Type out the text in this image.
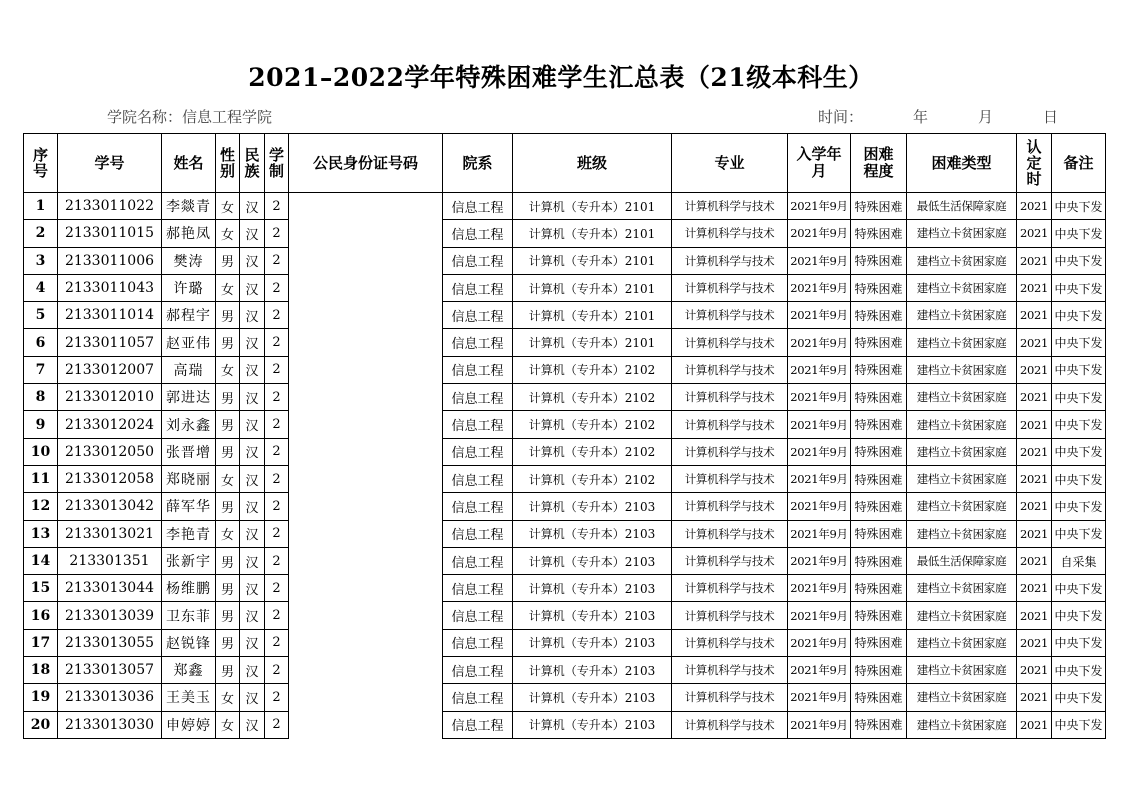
2021–2022学年特殊困难学生汇总表（21级本科生）
学院名称：信息工程学院	时间：	年	月	日
序号	学号	姓名	性别	民族	学制	公民身份证号码	院系	班级	专业	入学年月	困难程度	困难类型	认定时	备注
1	2133011022	李燚青	女	汉	2		信息工程	计算机（专升本）2101	计算机科学与技术	2021年9月	特殊困难	最低生活保障家庭	2021	中央下发
2	2133011015	郝艳凤	女	汉	2		信息工程	计算机（专升本）2101	计算机科学与技术	2021年9月	特殊困难	建档立卡贫困家庭	2021	中央下发
3	2133011006	樊涛	男	汉	2		信息工程	计算机（专升本）2101	计算机科学与技术	2021年9月	特殊困难	建档立卡贫困家庭	2021	中央下发
4	2133011043	许璐	女	汉	2		信息工程	计算机（专升本）2101	计算机科学与技术	2021年9月	特殊困难	建档立卡贫困家庭	2021	中央下发
5	2133011014	郝程宇	男	汉	2		信息工程	计算机（专升本）2101	计算机科学与技术	2021年9月	特殊困难	建档立卡贫困家庭	2021	中央下发
6	2133011057	赵亚伟	男	汉	2		信息工程	计算机（专升本）2101	计算机科学与技术	2021年9月	特殊困难	建档立卡贫困家庭	2021	中央下发
7	2133012007	高瑞	女	汉	2		信息工程	计算机（专升本）2102	计算机科学与技术	2021年9月	特殊困难	建档立卡贫困家庭	2021	中央下发
8	2133012010	郭进达	男	汉	2		信息工程	计算机（专升本）2102	计算机科学与技术	2021年9月	特殊困难	建档立卡贫困家庭	2021	中央下发
9	2133012024	刘永鑫	男	汉	2		信息工程	计算机（专升本）2102	计算机科学与技术	2021年9月	特殊困难	建档立卡贫困家庭	2021	中央下发
10	2133012050	张晋增	男	汉	2		信息工程	计算机（专升本）2102	计算机科学与技术	2021年9月	特殊困难	建档立卡贫困家庭	2021	中央下发
11	2133012058	郑晓丽	女	汉	2		信息工程	计算机（专升本）2102	计算机科学与技术	2021年9月	特殊困难	建档立卡贫困家庭	2021	中央下发
12	2133013042	薛军华	男	汉	2		信息工程	计算机（专升本）2103	计算机科学与技术	2021年9月	特殊困难	建档立卡贫困家庭	2021	中央下发
13	2133013021	李艳青	女	汉	2		信息工程	计算机（专升本）2103	计算机科学与技术	2021年9月	特殊困难	建档立卡贫困家庭	2021	中央下发
14	213301351	张新宇	男	汉	2		信息工程	计算机（专升本）2103	计算机科学与技术	2021年9月	特殊困难	最低生活保障家庭	2021	自采集
15	2133013044	杨维鹏	男	汉	2		信息工程	计算机（专升本）2103	计算机科学与技术	2021年9月	特殊困难	建档立卡贫困家庭	2021	中央下发
16	2133013039	卫东菲	男	汉	2		信息工程	计算机（专升本）2103	计算机科学与技术	2021年9月	特殊困难	建档立卡贫困家庭	2021	中央下发
17	2133013055	赵锐锋	男	汉	2		信息工程	计算机（专升本）2103	计算机科学与技术	2021年9月	特殊困难	建档立卡贫困家庭	2021	中央下发
18	2133013057	郑鑫	男	汉	2		信息工程	计算机（专升本）2103	计算机科学与技术	2021年9月	特殊困难	建档立卡贫困家庭	2021	中央下发
19	2133013036	王美玉	女	汉	2		信息工程	计算机（专升本）2103	计算机科学与技术	2021年9月	特殊困难	建档立卡贫困家庭	2021	中央下发
20	2133013030	申婷婷	女	汉	2		信息工程	计算机（专升本）2103	计算机科学与技术	2021年9月	特殊困难	建档立卡贫困家庭	2021	中央下发
